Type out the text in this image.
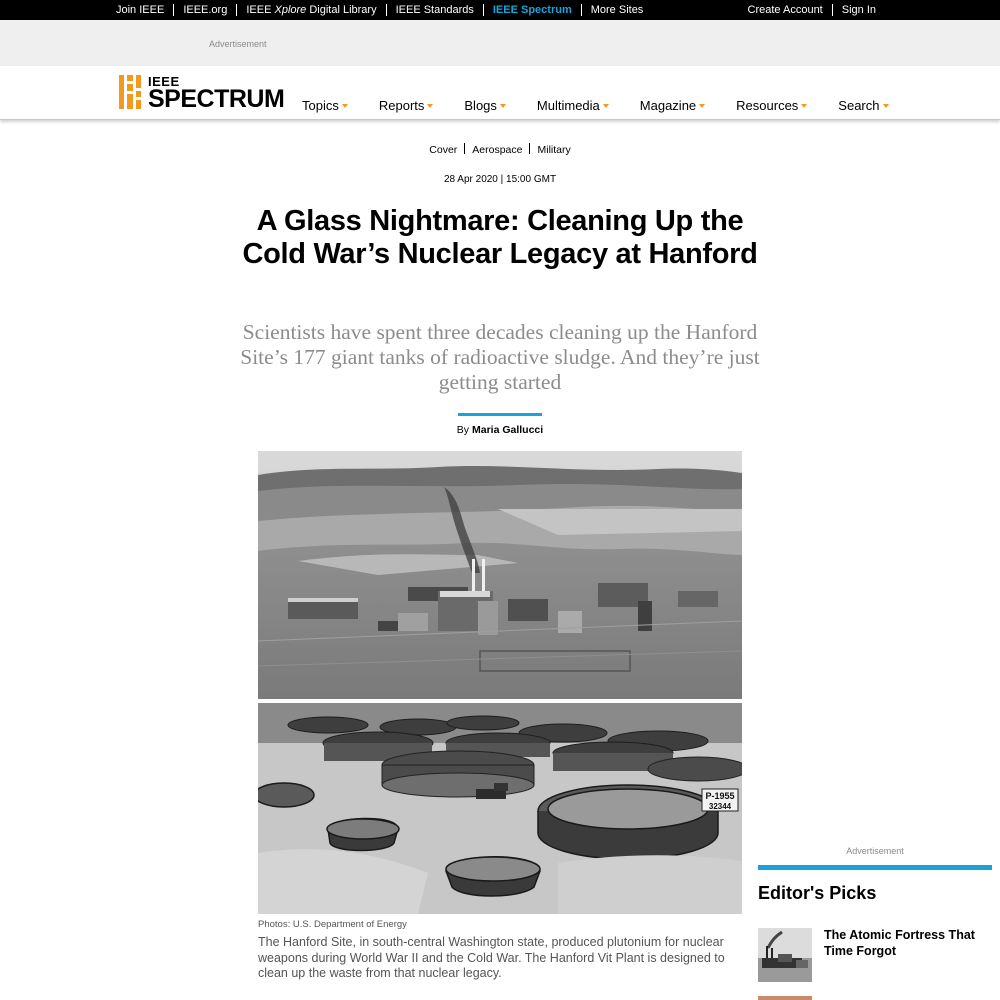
Join IEEE IEEE.org IEEE Xplore Digital Library IEEE Standards IEEE Spectrum More Sites	Create Account Sign In
Advertisement
IEEE
SPECTRUM Topics	Reports	Blogs	Multimedia	Magazine	Resources	Search
Cover Aerospace Military
28 Apr 2020 | 15:00 GMT
A Glass Nightmare: Cleaning Up the Cold War’s Nuclear Legacy at Hanford
Scientists have spent three decades cleaning up the Hanford Site’s 177 giant tanks of radioactive sludge. And they’re just getting started
By Maria Gallucci
P-1955
32344
Photos: U.S. Department of Energy
The Hanford Site, in south-central Washington state, produced plutonium for nuclear weapons during World War II and the Cold War. The Hanford Vit Plant is designed to clean up the waste from that nuclear legacy.
Advertisement
Editor's Picks
The Atomic Fortress That Time Forgot
